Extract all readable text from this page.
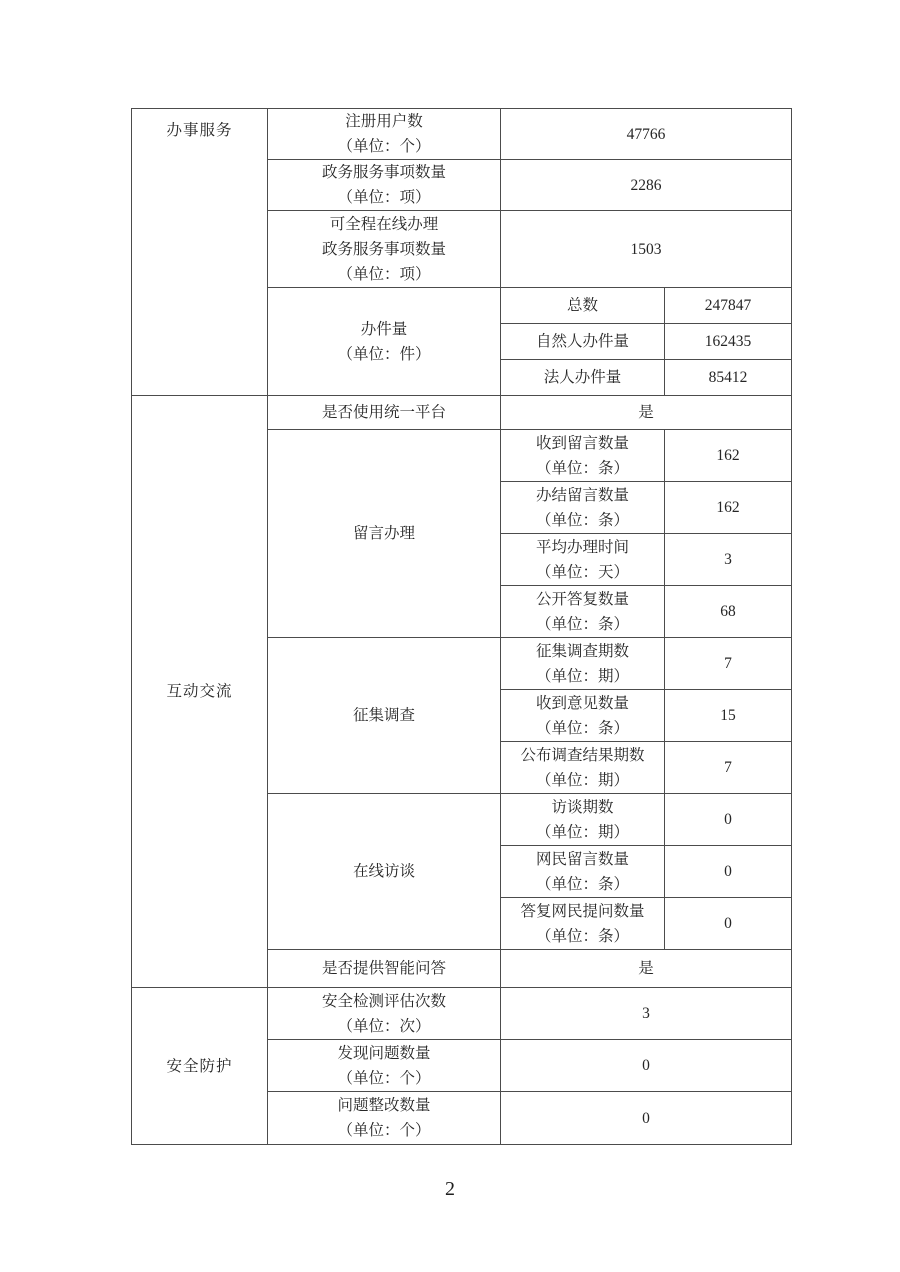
办事服务	注册用户数
（单位：个）	47766	

	政务服务事项数量
（单位：项）	2286	

	可全程在线办理
政务服务事项数量
（单位：项）	1503	

	办件量
（单位：件）	总数	247847
		自然人办件量	162435
		法人办件量	85412
互动交流	是否使用统一平台	是	
	留言办理	收到留言数量
（单位：条）	162

		办结留言数量
（单位：条）	162

		平均办理时间
（单位：天）	3

		公开答复数量
（单位：条）	68
	征集调查	征集调查期数
（单位：期）	7

		收到意见数量
（单位：条）	15

		公布调查结果期数
（单位：期）	7
	在线访谈	访谈期数
（单位：期）	0

		网民留言数量
（单位：条）	0

		答复网民提问数量
（单位：条）	0
	是否提供智能问答	是	
安全防护	安全检测评估次数
（单位：次）	3	

	发现问题数量
（单位：个）	0	

	问题整改数量
（单位：个）	0	
2
